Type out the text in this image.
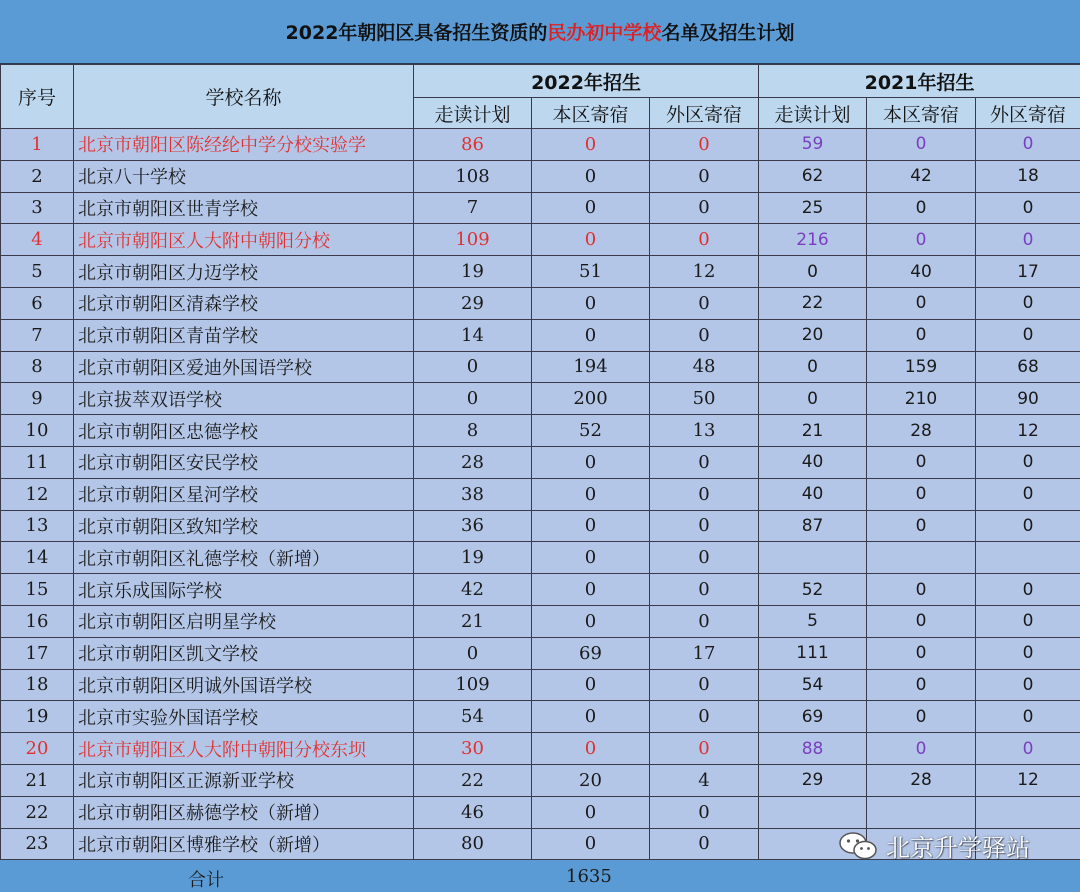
2022年朝阳区具备招生资质的民办初中学校名单及招生计划
序号	学校名称	2022年招生			2021年招生		
		走读计划	本区寄宿	外区寄宿	走读计划	本区寄宿	外区寄宿
1	北京市朝阳区陈经纶中学分校实验学	86	0	0	59	0	0
2	北京八十学校	108	0	0	62	42	18
3	北京市朝阳区世青学校	7	0	0	25	0	0
4	北京市朝阳区人大附中朝阳分校	109	0	0	216	0	0
5	北京市朝阳区力迈学校	19	51	12	0	40	17
6	北京市朝阳区清森学校	29	0	0	22	0	0
7	北京市朝阳区青苗学校	14	0	0	20	0	0
8	北京市朝阳区爱迪外国语学校	0	194	48	0	159	68
9	北京拔萃双语学校	0	200	50	0	210	90
10	北京市朝阳区忠德学校	8	52	13	21	28	12
11	北京市朝阳区安民学校	28	0	0	40	0	0
12	北京市朝阳区星河学校	38	0	0	40	0	0
13	北京市朝阳区致知学校	36	0	0	87	0	0
14	北京市朝阳区礼德学校（新增）	19	0	0			
15	北京乐成国际学校	42	0	0	52	0	0
16	北京市朝阳区启明星学校	21	0	0	5	0	0
17	北京市朝阳区凯文学校	0	69	17	111	0	0
18	北京市朝阳区明诚外国语学校	109	0	0	54	0	0
19	北京市实验外国语学校	54	0	0	69	0	0
20	北京市朝阳区人大附中朝阳分校东坝	30	0	0	88	0	0
21	北京市朝阳区正源新亚学校	22	20	4	29	28	12
22	北京市朝阳区赫德学校（新增）	46	0	0			
23	北京市朝阳区博雅学校（新增）	80	0	0			
合计	1635
北京升学驿站
